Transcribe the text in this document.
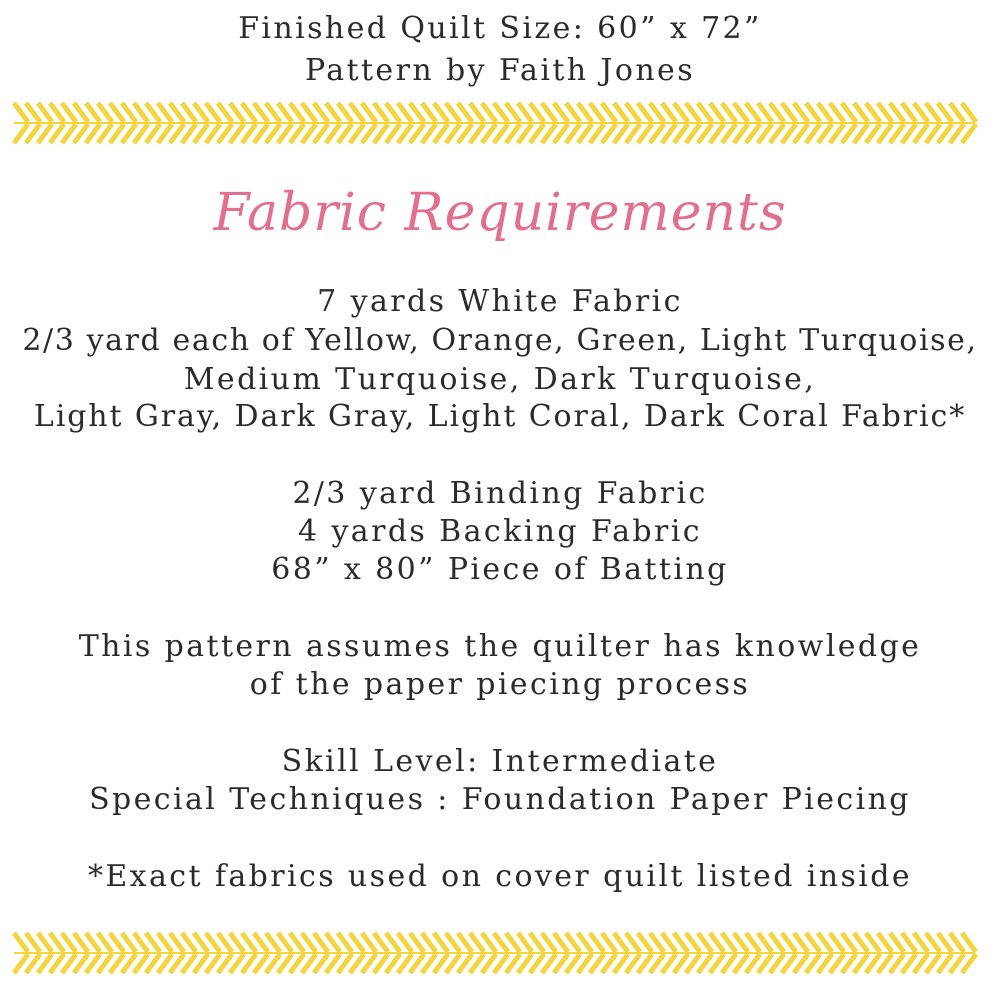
Finished Quilt Size: 60” x 72”
Pattern by Faith Jones
Fabric Requirements
7 yards White Fabric
2/3 yard each of Yellow, Orange, Green, Light Turquoise,
Medium Turquoise, Dark Turquoise,
Light Gray, Dark Gray, Light Coral, Dark Coral Fabric*
2/3 yard Binding Fabric
4 yards Backing Fabric
68” x 80” Piece of Batting
This pattern assumes the quilter has knowledge
of the paper piecing process
Skill Level: Intermediate
Special Techniques : Foundation Paper Piecing
*Exact fabrics used on cover quilt listed inside
